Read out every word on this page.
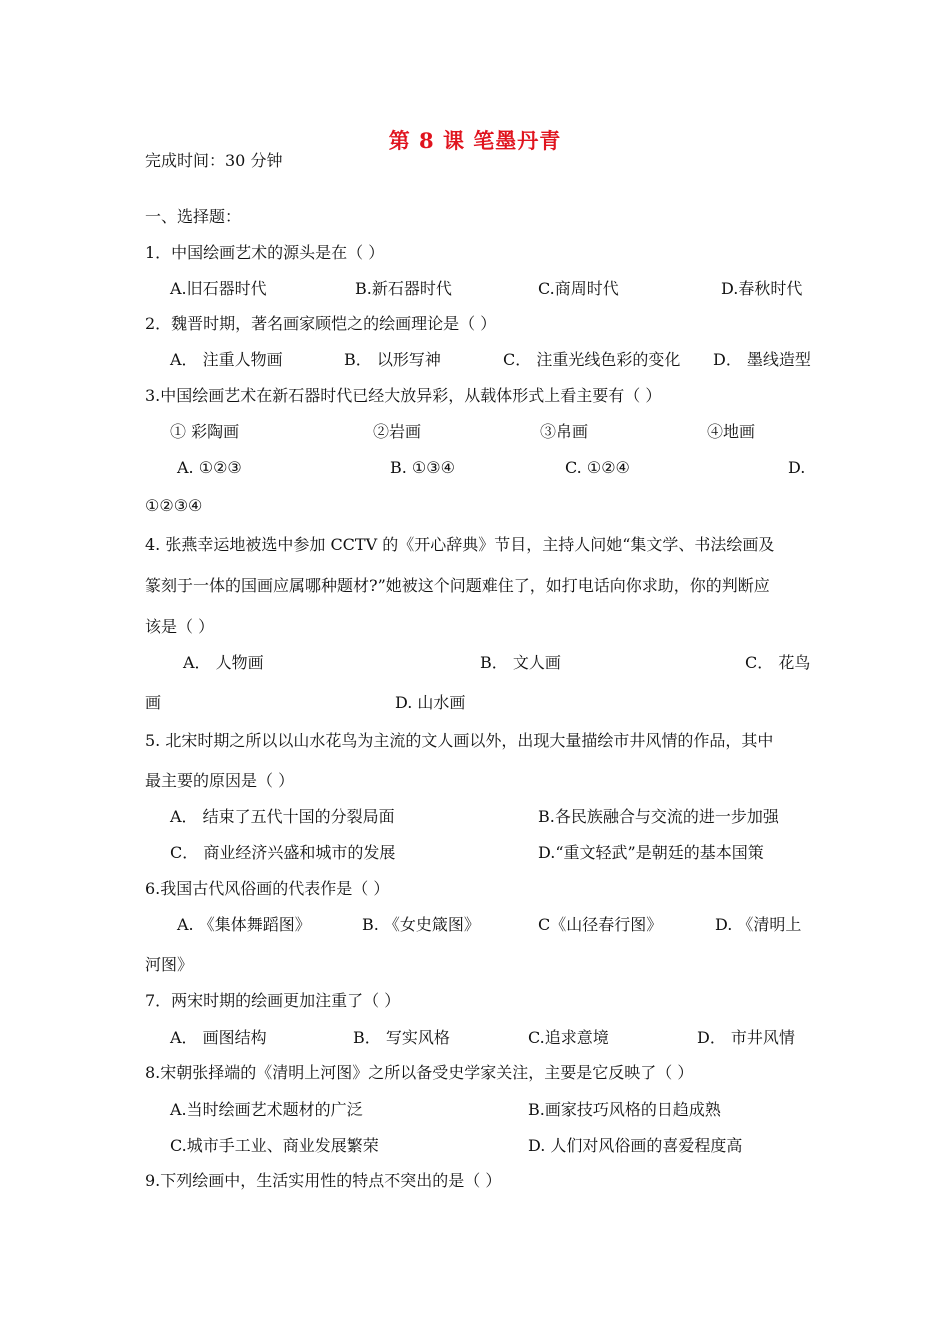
第 8 课 笔墨丹青
完成时间：30 分钟
一、选择题：
1．中国绘画艺术的源头是在（ ）
A.旧石器时代	B.新石器时代	C.商周时代	D.春秋时代
2．魏晋时期，著名画家顾恺之的绘画理论是（ ）
A． 注重人物画	B． 以形写神	C． 注重光线色彩的变化 D． 墨线造型
3.中国绘画艺术在新石器时代已经大放异彩，从载体形式上看主要有（ ）
① 彩陶画	②岩画	③帛画	④地画
A. ①②③	B. ①③④	C. ①②④	D.
①②③④
4. 张燕幸运地被选中参加 CCTV 的《开心辞典》节目，主持人问她“集文学、书法绘画及
篆刻于一体的国画应属哪种题材?”她被这个问题难住了，如打电话向你求助，你的判断应
该是（ ）
A． 人物画	B． 文人画	C． 花鸟
画	D. 山水画
5. 北宋时期之所以以山水花鸟为主流的文人画以外，出现大量描绘市井风情的作品，其中
最主要的原因是（ ）
A． 结束了五代十国的分裂局面	B.各民族融合与交流的进一步加强
C． 商业经济兴盛和城市的发展	D.“重文轻武”是朝廷的基本国策
6.我国古代风俗画的代表作是（ ）
A. 《集体舞蹈图》	B. 《女史箴图》	C《山径春行图》	D. 《清明上
河图》
7．两宋时期的绘画更加注重了（ ）
A． 画图结构	B． 写实风格	C.追求意境	D． 市井风情
8.宋朝张择端的《清明上河图》之所以备受史学家关注，主要是它反映了（ ）
A.当时绘画艺术题材的广泛	B.画家技巧风格的日趋成熟
C.城市手工业、商业发展繁荣	D. 人们对风俗画的喜爱程度高
9.下列绘画中，生活实用性的特点不突出的是（ ）
